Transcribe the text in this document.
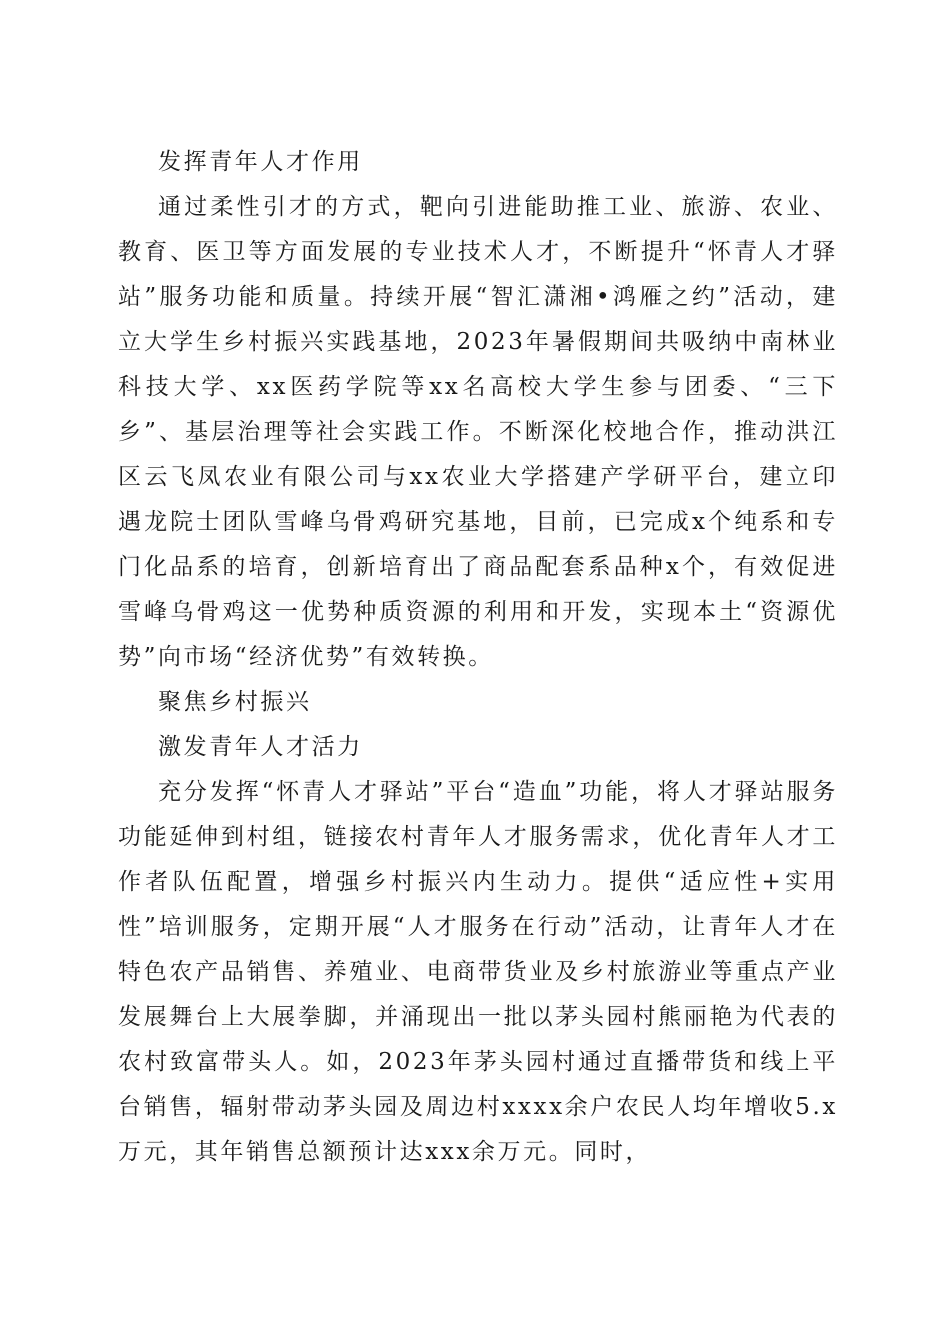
发挥青年人才作用

通过柔性引才的方式，靶向引进能助推工业、旅游、农业、教育、医卫等方面发展的专业技术人才，不断提升“怀青人才驿站”服务功能和质量。持续开展“智汇潇湘•鸿雁之约”活动，建立大学生乡村振兴实践基地，2023年暑假期间共吸纳中南林业科技大学、xx医药学院等xx名高校大学生参与团委、“三下乡”、基层治理等社会实践工作。不断深化校地合作，推动洪江区云飞凤农业有限公司与xx农业大学搭建产学研平台，建立印遇龙院士团队雪峰乌骨鸡研究基地，目前，已完成x个纯系和专门化品系的培育，创新培育出了商品配套系品种x个，有效促进雪峰乌骨鸡这一优势种质资源的利用和开发，实现本土“资源优势”向市场“经济优势”有效转换。

聚焦乡村振兴

激发青年人才活力

充分发挥“怀青人才驿站”平台“造血”功能，将人才驿站服务功能延伸到村组，链接农村青年人才服务需求，优化青年人才工作者队伍配置，增强乡村振兴内生动力。提供“适应性+实用性”培训服务，定期开展“人才服务在行动”活动，让青年人才在特色农产品销售、养殖业、电商带货业及乡村旅游业等重点产业发展舞台上大展拳脚，并涌现出一批以茅头园村熊丽艳为代表的农村致富带头人。如，2023年茅头园村通过直播带货和线上平台销售，辐射带动茅头园及周边村xxxx余户农民人均年增收5.x万元，其年销售总额预计达xxx余万元。同时，
